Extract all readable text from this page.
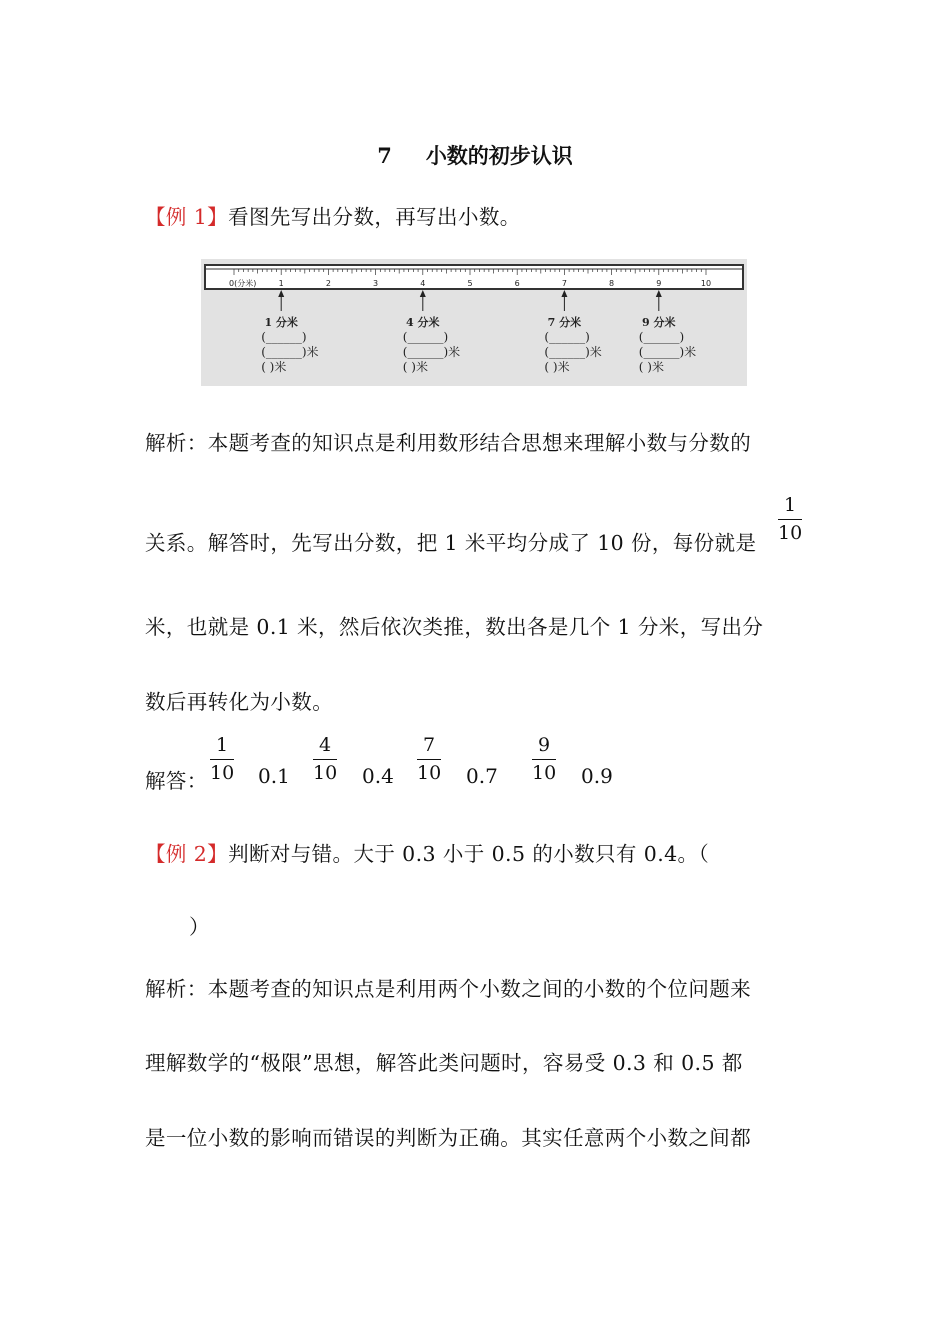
7 小数的初步认识
【例 1】看图先写出分数，再写出小数。
0(分米)	1	2	3	4	5	6	7	8	9	10
1 分米
(______)
(______)米
( )米
4 分米
(______)
(______)米
( )米
7 分米
(______)
(______)米
( )米
9 分米
(______)
(______)米
( )米
解析：本题考查的知识点是利用数形结合思想来理解小数与分数的
关系。解答时，先写出分数，把 1 米平均分成了 10 份，每份就是 $\frac{1}{10}$
米，也就是 0.1 米，然后依次类推，数出各是几个 1 分米，写出分
数后再转化为小数。
解答： $\frac{1}{10} 0.1 \frac{4}{10} 0.4 \frac{7}{10} 0.7 \frac{9}{10} 0.9$
【例 2】判断对与错。大于 0.3 小于 0.5 的小数只有 0.4。（
）
解析：本题考查的知识点是利用两个小数之间的小数的个位问题来
理解数学的“极限”思想，解答此类问题时，容易受 0.3 和 0.5 都
是一位小数的影响而错误的判断为正确。其实任意两个小数之间都
